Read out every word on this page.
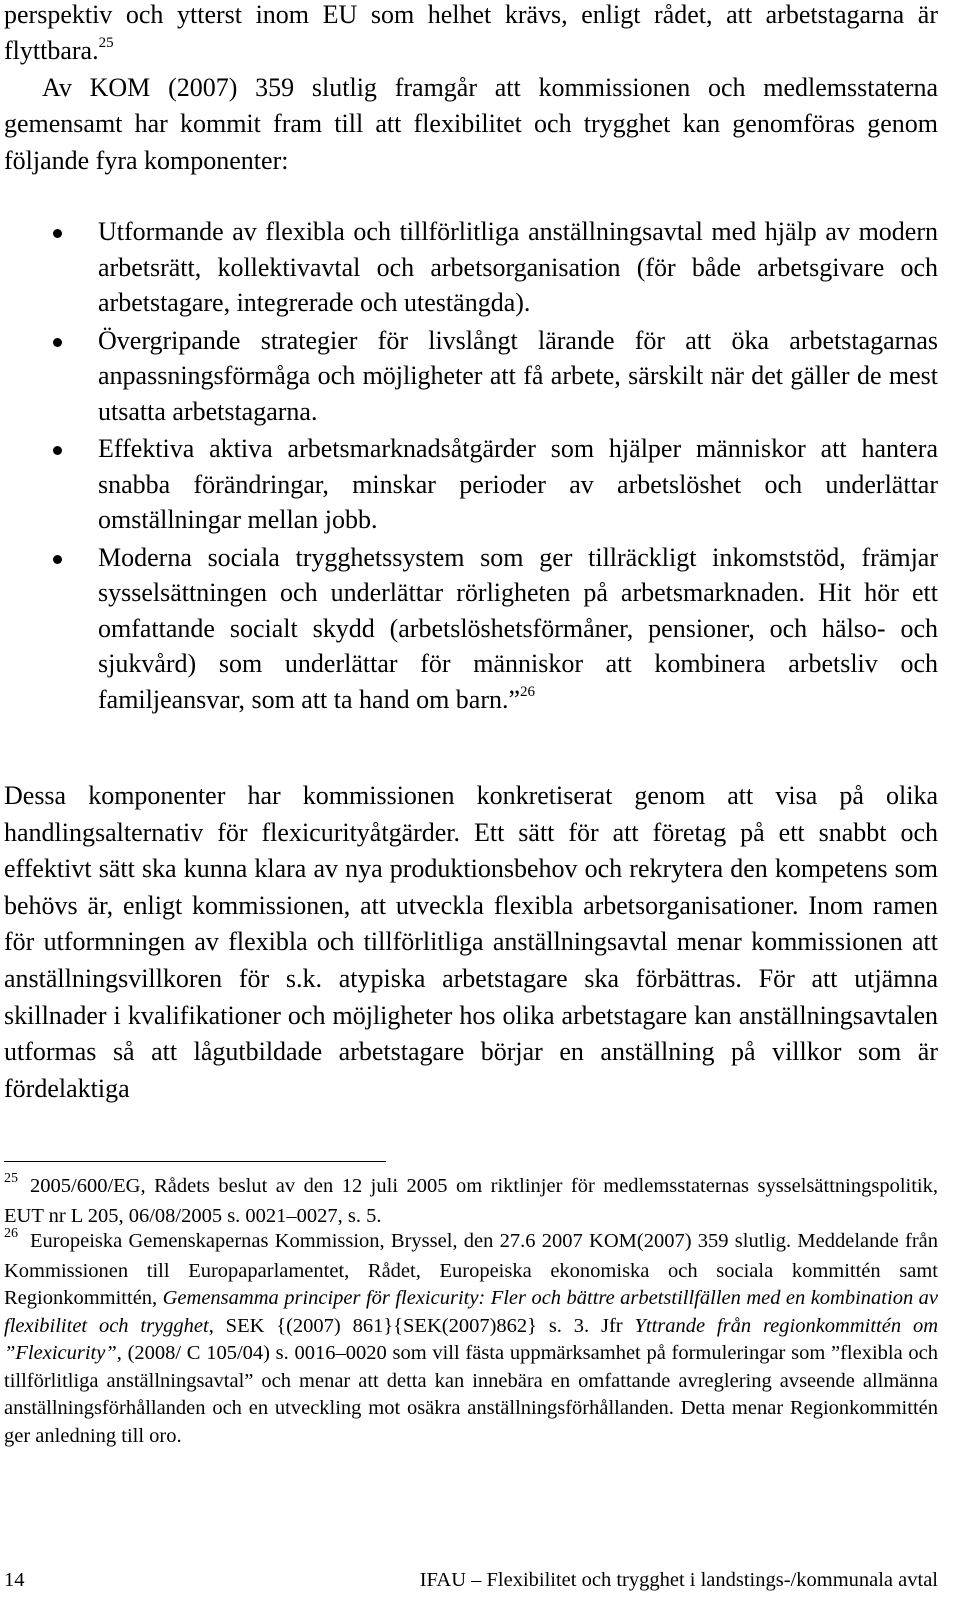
perspektiv och ytterst inom EU som helhet krävs, enligt rådet, att arbetstagarna är flyttbara.$^{25}$

Av KOM (2007) 359 slutlig framgår att kommissionen och medlemsstaterna gemensamt har kommit fram till att flexibilitet och trygghet kan genomföras genom följande fyra komponenter:

Utformande av flexibla och tillförlitliga anställningsavtal med hjälp av modern arbetsrätt, kollektivavtal och arbetsorganisation (för både arbetsgivare och arbetstagare, integrerade och utestängda).
Övergripande strategier för livslångt lärande för att öka arbetstagarnas anpassningsförmåga och möjligheter att få arbete, särskilt när det gäller de mest utsatta arbetstagarna.
Effektiva aktiva arbetsmarknadsåtgärder som hjälper människor att hantera snabba förändringar, minskar perioder av arbetslöshet och underlättar omställningar mellan jobb.
Moderna sociala trygghetssystem som ger tillräckligt inkomststöd, främjar sysselsättningen och underlättar rörligheten på arbetsmarknaden. Hit hör ett omfattande socialt skydd (arbetslöshetsförmåner, pensioner, och hälso- och sjukvård) som underlättar för människor att kombinera arbetsliv och familjeansvar, som att ta hand om barn.”$^{26}$

Dessa komponenter har kommissionen konkretiserat genom att visa på olika handlingsalternativ för flexicurityåtgärder. Ett sätt för att företag på ett snabbt och effektivt sätt ska kunna klara av nya produktionsbehov och rekrytera den kompetens som behövs är, enligt kommissionen, att utveckla flexibla arbetsorganisationer. Inom ramen för utformningen av flexibla och tillförlitliga anställningsavtal menar kommissionen att anställningsvillkoren för s.k. atypiska arbetstagare ska förbättras. För att utjämna skillnader i kvalifikationer och möjligheter hos olika arbetstagare kan anställningsavtalen utformas så att lågutbildade arbetstagare börjar en anställning på villkor som är fördelaktiga

$^{25}$ 2005/600/EG, Rådets beslut av den 12 juli 2005 om riktlinjer för medlemsstaternas sysselsättningspolitik, EUT nr L 205, 06/08/2005 s. 0021–0027, s. 5.

$^{26}$ Europeiska Gemenskapernas Kommission, Bryssel, den 27.6 2007 KOM(2007) 359 slutlig. Meddelande från Kommissionen till Europaparlamentet, Rådet, Europeiska ekonomiska och sociala kommittén samt Regionkommittén, Gemensamma principer för flexicurity: Fler och bättre arbetstillfällen med en kombination av flexibilitet och trygghet, SEK {(2007) 861}{SEK(2007)862} s. 3. Jfr Yttrande från regionkommittén om ”Flexicurity”, (2008/ C 105/04) s. 0016–0020 som vill fästa uppmärksamhet på formuleringar som ”flexibla och tillförlitliga anställningsavtal” och menar att detta kan innebära en omfattande avreglering avseende allmänna anställningsförhållanden och en utveckling mot osäkra anställningsförhållanden. Detta menar Regionkommittén ger anledning till oro.

14	IFAU – Flexibilitet och trygghet i landstings-/kommunala avtal
